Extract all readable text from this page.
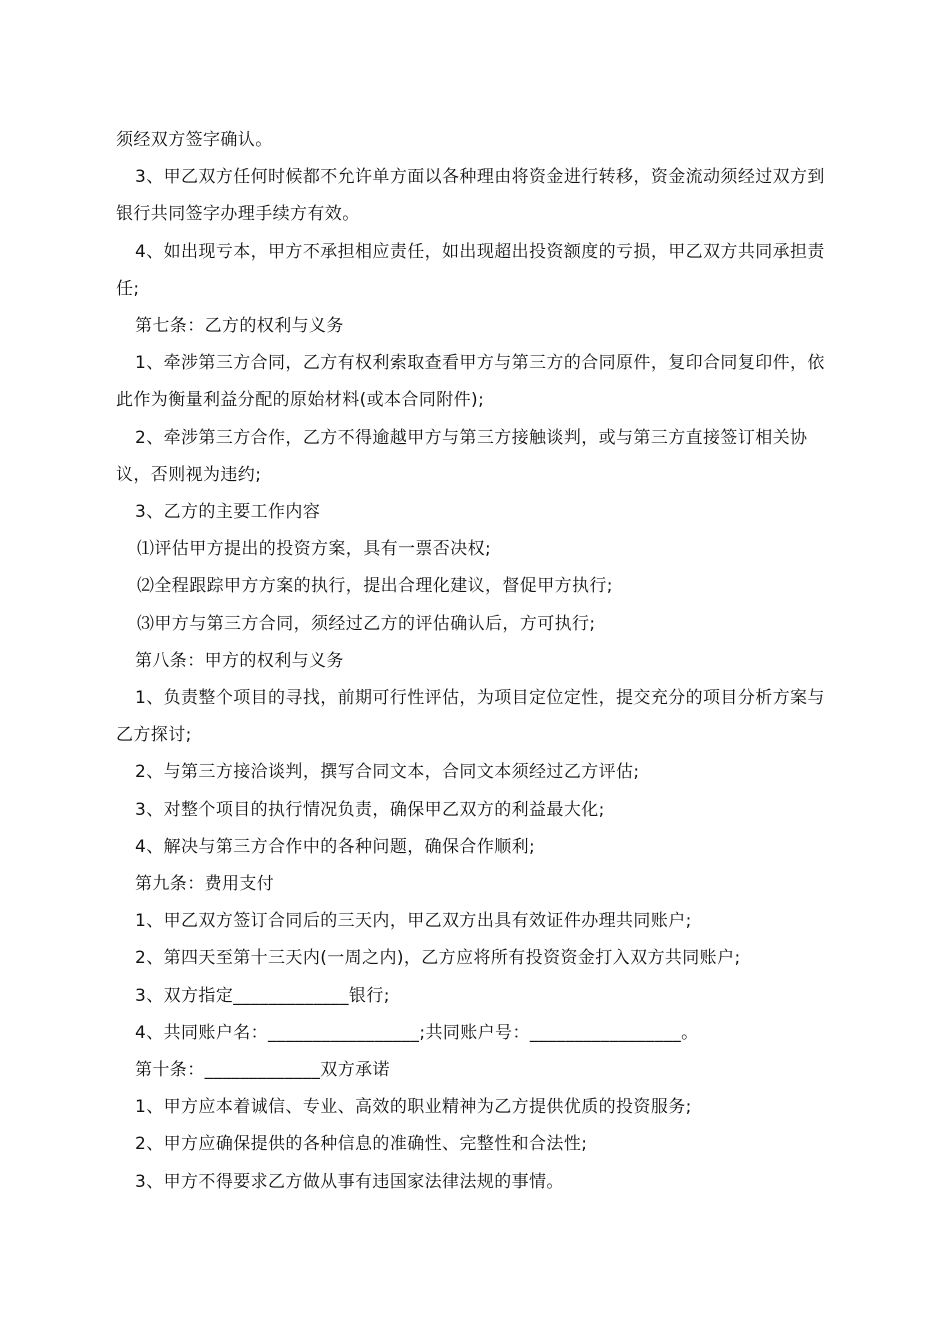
须经双方签字确认。

3、甲乙双方任何时候都不允许单方面以各种理由将资金进行转移，资金流动须经过双方到银行共同签字办理手续方有效。

4、如出现亏本，甲方不承担相应责任，如出现超出投资额度的亏损，甲乙双方共同承担责任;

第七条：乙方的权利与义务

1、牵涉第三方合同，乙方有权利索取查看甲方与第三方的合同原件，复印合同复印件，依此作为衡量利益分配的原始材料(或本合同附件);

2、牵涉第三方合作，乙方不得逾越甲方与第三方接触谈判，或与第三方直接签订相关协议，否则视为违约;

3、乙方的主要工作内容

⑴评估甲方提出的投资方案，具有一票否决权;

⑵全程跟踪甲方方案的执行，提出合理化建议，督促甲方执行;

⑶甲方与第三方合同，须经过乙方的评估确认后，方可执行;

第八条：甲方的权利与义务

1、负责整个项目的寻找，前期可行性评估，为项目定位定性，提交充分的项目分析方案与乙方探讨;

2、与第三方接洽谈判，撰写合同文本，合同文本须经过乙方评估;

3、对整个项目的执行情况负责，确保甲乙双方的利益最大化;

4、解决与第三方合作中的各种问题，确保合作顺利;

第九条：费用支付

1、甲乙双方签订合同后的三天内，甲乙双方出具有效证件办理共同账户;

2、第四天至第十三天内(一周之内)，乙方应将所有投资资金打入双方共同账户;

3、双方指定_____________银行;

4、共同账户名：_________________;共同账户号：_________________。

第十条：_____________双方承诺

1、甲方应本着诚信、专业、高效的职业精神为乙方提供优质的投资服务;

2、甲方应确保提供的各种信息的准确性、完整性和合法性;

3、甲方不得要求乙方做从事有违国家法律法规的事情。
